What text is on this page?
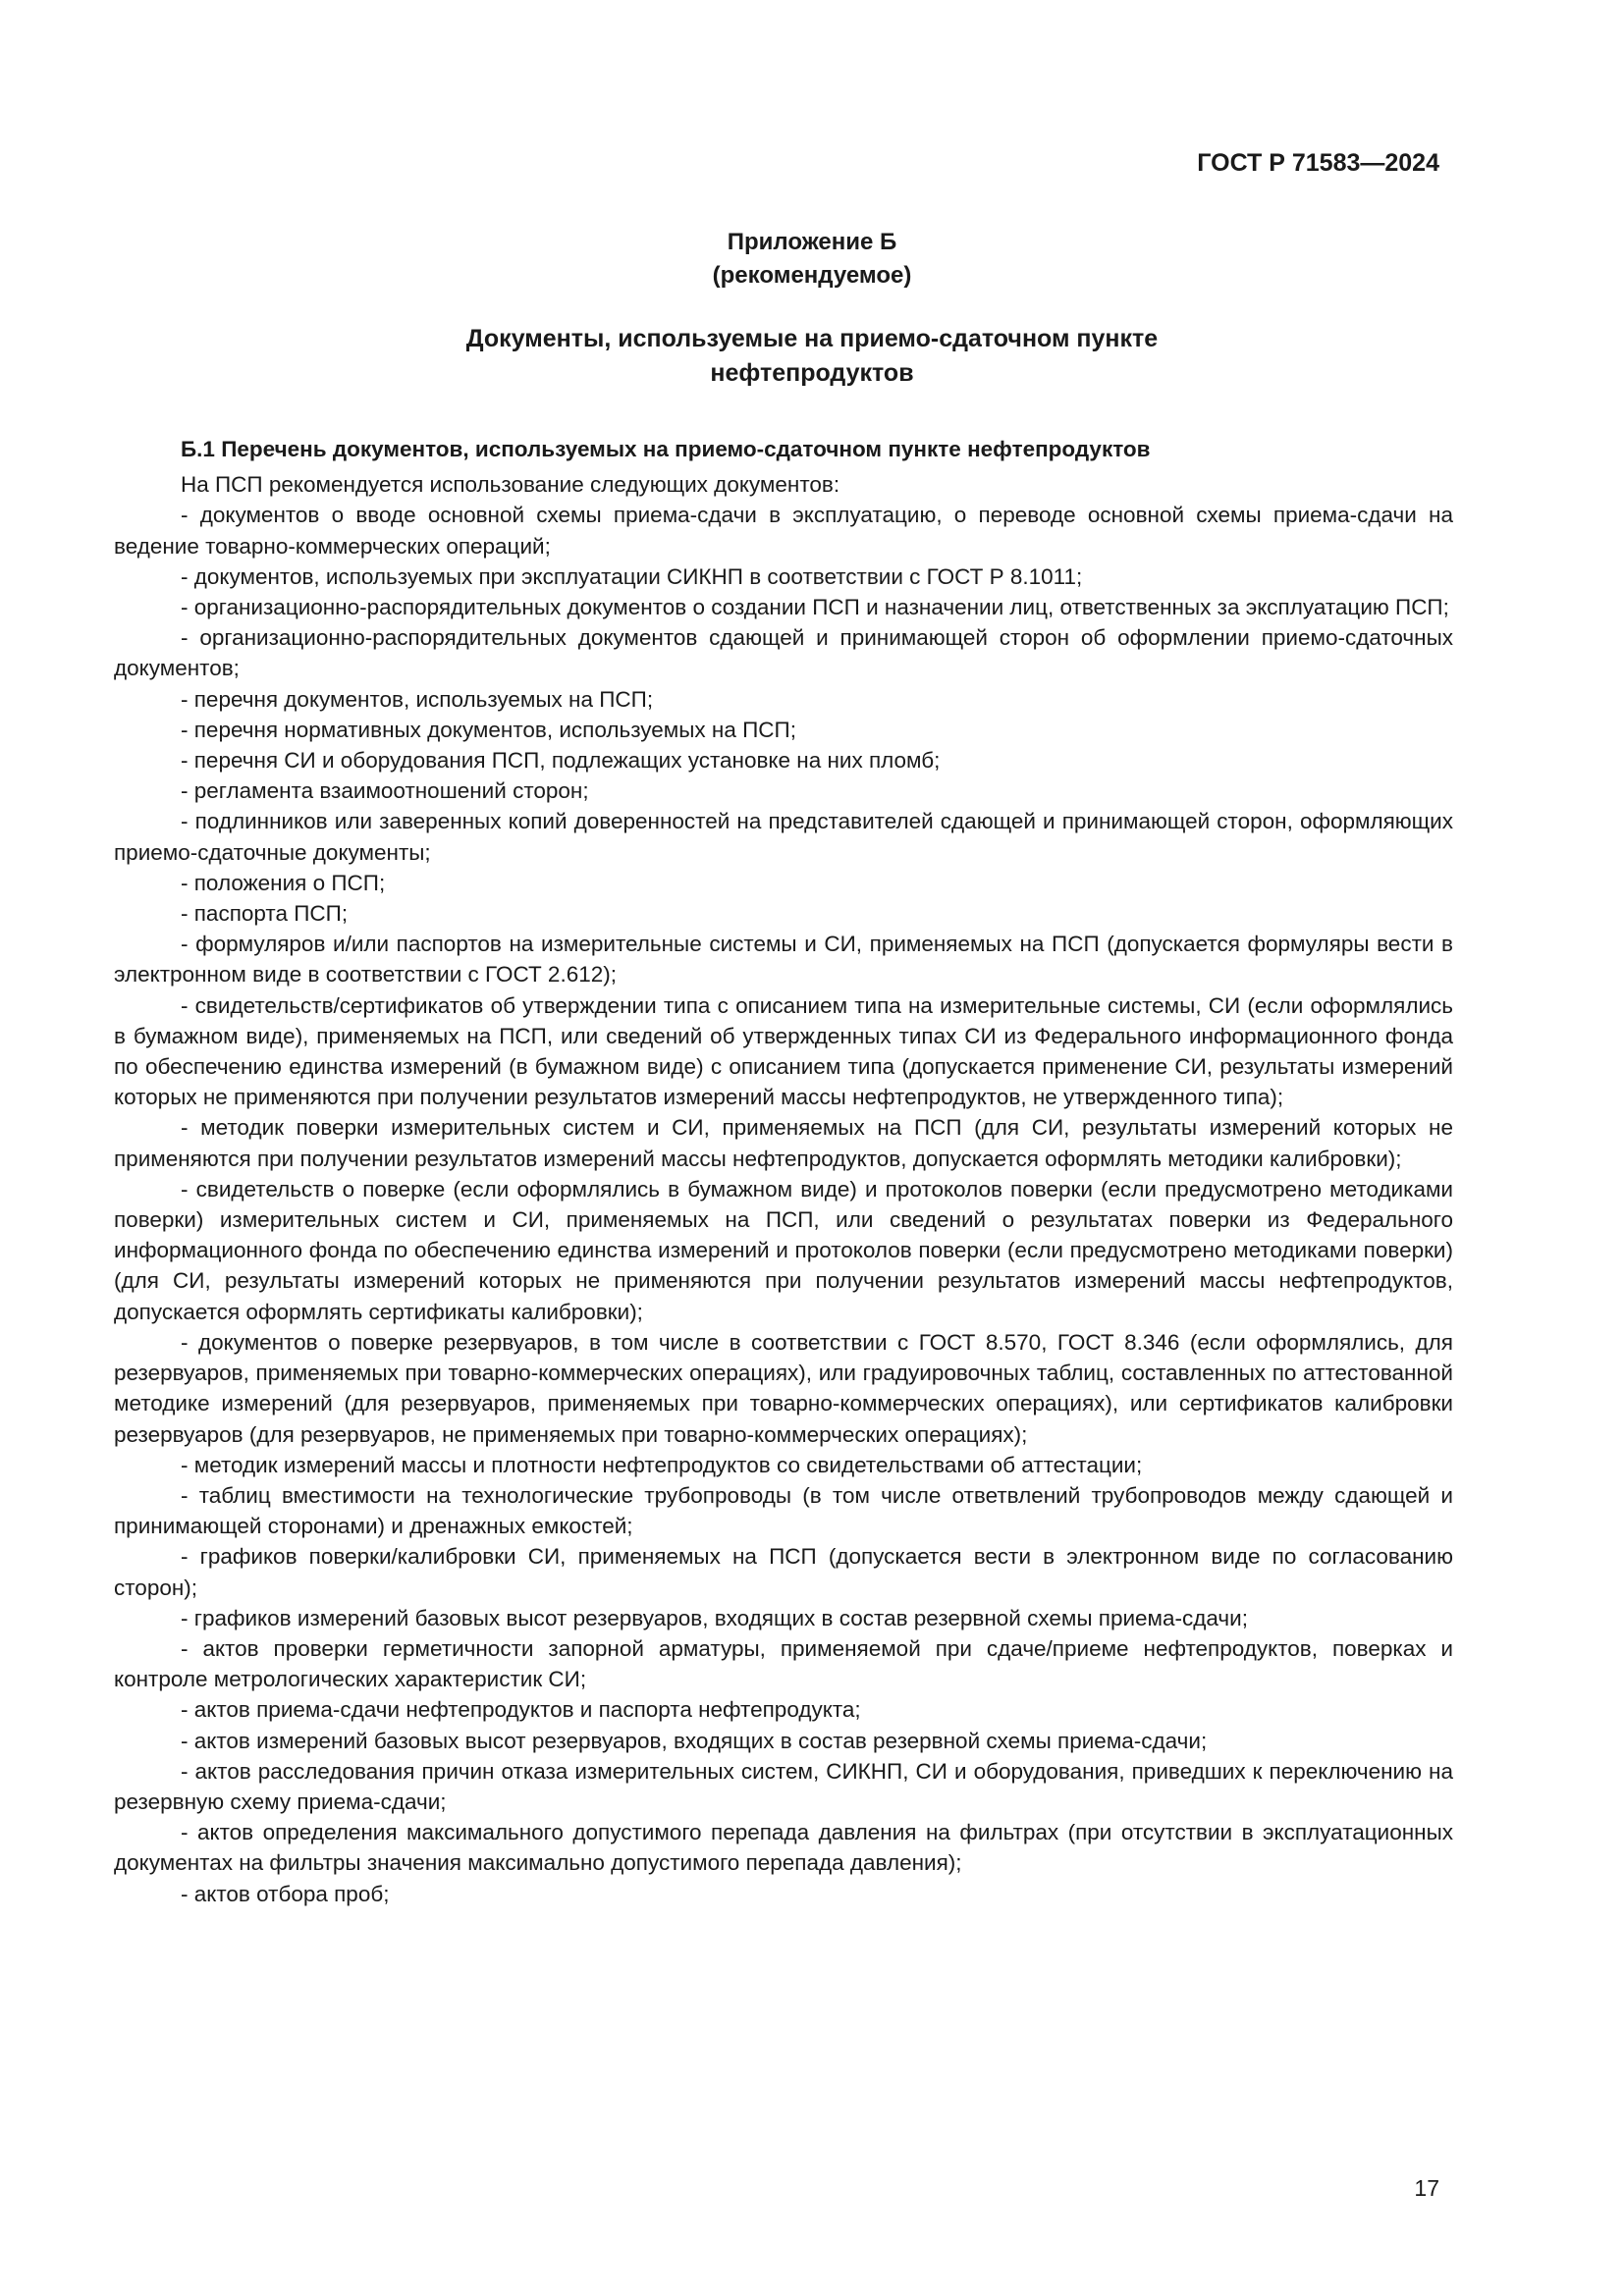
ГОСТ Р 71583—2024
Приложение Б
(рекомендуемое)
Документы, используемые на приемо-сдаточном пункте
нефтепродуктов

Б.1 Перечень документов, используемых на приемо-сдаточном пункте нефтепродуктов

На ПСП рекомендуется использование следующих документов:

- документов о вводе основной схемы приема-сдачи в эксплуатацию, о переводе основной схемы приема-сдачи на ведение товарно-коммерческих операций;

- документов, используемых при эксплуатации СИКНП в соответствии с ГОСТ Р 8.1011;

- организационно-распорядительных документов о создании ПСП и назначении лиц, ответственных за эксплуатацию ПСП;

- организационно-распорядительных документов сдающей и принимающей сторон об оформлении приемо-сдаточных документов;

- перечня документов, используемых на ПСП;

- перечня нормативных документов, используемых на ПСП;

- перечня СИ и оборудования ПСП, подлежащих установке на них пломб;

- регламента взаимоотношений сторон;

- подлинников или заверенных копий доверенностей на представителей сдающей и принимающей сторон, оформляющих приемо-сдаточные документы;

- положения о ПСП;

- паспорта ПСП;

- формуляров и/или паспортов на измерительные системы и СИ, применяемых на ПСП (допускается формуляры вести в электронном виде в соответствии с ГОСТ 2.612);

- свидетельств/сертификатов об утверждении типа с описанием типа на измерительные системы, СИ (если оформлялись в бумажном виде), применяемых на ПСП, или сведений об утвержденных типах СИ из Федерального информационного фонда по обеспечению единства измерений (в бумажном виде) с описанием типа (допускается применение СИ, результаты измерений которых не применяются при получении результатов измерений массы нефтепродуктов, не утвержденного типа);

- методик поверки измерительных систем и СИ, применяемых на ПСП (для СИ, результаты измерений которых не применяются при получении результатов измерений массы нефтепродуктов, допускается оформлять методики калибровки);

- свидетельств о поверке (если оформлялись в бумажном виде) и протоколов поверки (если предусмотрено методиками поверки) измерительных систем и СИ, применяемых на ПСП, или сведений о результатах поверки из Федерального информационного фонда по обеспечению единства измерений и протоколов поверки (если предусмотрено методиками поверки) (для СИ, результаты измерений которых не применяются при получении результатов измерений массы нефтепродуктов, допускается оформлять сертификаты калибровки);

- документов о поверке резервуаров, в том числе в соответствии с ГОСТ 8.570, ГОСТ 8.346 (если оформлялись, для резервуаров, применяемых при товарно-коммерческих операциях), или градуировочных таблиц, составленных по аттестованной методике измерений (для резервуаров, применяемых при товарно-коммерческих операциях), или сертификатов калибровки резервуаров (для резервуаров, не применяемых при товарно-коммерческих операциях);

- методик измерений массы и плотности нефтепродуктов со свидетельствами об аттестации;

- таблиц вместимости на технологические трубопроводы (в том числе ответвлений трубопроводов между сдающей и принимающей сторонами) и дренажных емкостей;

- графиков поверки/калибровки СИ, применяемых на ПСП (допускается вести в электронном виде по согласованию сторон);

- графиков измерений базовых высот резервуаров, входящих в состав резервной схемы приема-сдачи;

- актов проверки герметичности запорной арматуры, применяемой при сдаче/приеме нефтепродуктов, поверках и контроле метрологических характеристик СИ;

- актов приема-сдачи нефтепродуктов и паспорта нефтепродукта;

- актов измерений базовых высот резервуаров, входящих в состав резервной схемы приема-сдачи;

- актов расследования причин отказа измерительных систем, СИКНП, СИ и оборудования, приведших к переключению на резервную схему приема-сдачи;

- актов определения максимального допустимого перепада давления на фильтрах (при отсутствии в эксплуатационных документах на фильтры значения максимально допустимого перепада давления);

- актов отбора проб;

17
